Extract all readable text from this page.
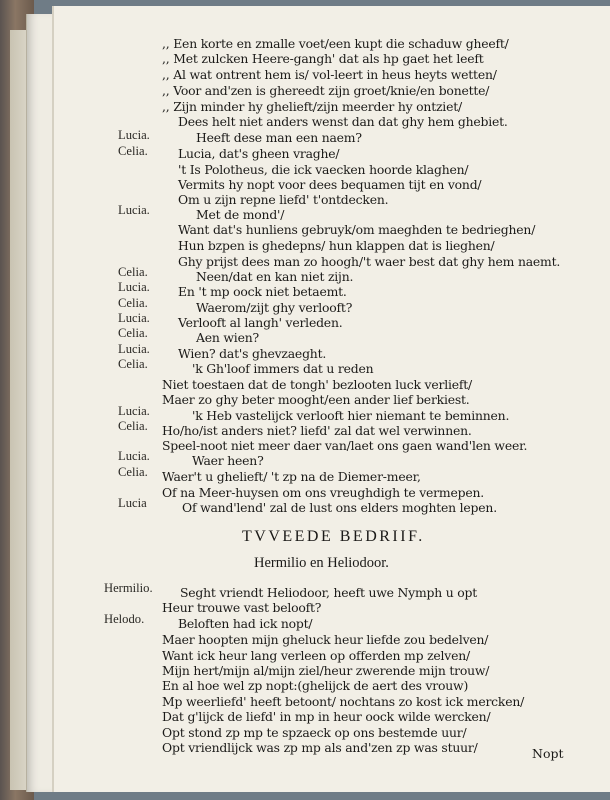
,, Een korte en zmalle voet/een kupt die schaduw gheeft/
,, Met zulcken Heere-gangh' dat als hp gaet het leeft
,, Al wat ontrent hem is/ vol-leert in heus heyts wetten/
,, Voor and'zen is ghereedt zijn groet/knie/en bonette/
,, Zijn minder hy ghelieft/zijn meerder hy ontziet/
Dees helt niet anders wenst dan dat ghy hem ghebiet.
Heeft dese man een naem?
Lucia, dat's gheen vraghe/
't Is Polotheus, die ick vaecken hoorde klaghen/
Vermits hy nopt voor dees bequamen tijt en vond/
Om u zijn repne liefd' t'ontdecken.
Met de mond'/
Want dat's hunliens gebruyk/om maeghden te bedrieghen/
Hun bzpen is ghedepns/ hun klappen dat is lieghen/
Ghy prijst dees man zo hoogh/'t waer best dat ghy hem naemt.
Neen/dat en kan niet zijn.
En 't mp oock niet betaemt.
Waerom/zijt ghy verlooft?
Verlooft al langh' verleden.
Aen wien?
Wien? dat's ghevzaeght.
'k Gh'loof immers dat u reden
Niet toestaen dat de tongh' bezlooten luck verlieft/
Maer zo ghy beter mooght/een ander lief berkiest.
'k Heb vastelijck verlooft hier niemant te beminnen.
Ho/ho/ist anders niet? liefd' zal dat wel verwinnen.
Speel-noot niet meer daer van/laet ons gaen wand'len weer.
Waer heen?
Waer't u ghelieft/ 't zp na de Diemer-meer,
Of na Meer-huysen om ons vreughdigh te vermepen.
Of wand'lend' zal de lust ons elders moghten lepen.
TVVEEDE BEDRIIF.
Hermilio en Heliodoor.
Seght vriendt Heliodoor, heeft uwe Nymph u opt
Heur trouwe vast belooft?
Beloften had ick nopt/
Maer hoopten mijn gheluck heur liefde zou bedelven/
Want ick heur lang verleen op offerden mp zelven/
Mijn hert/mijn al/mijn ziel/heur zwerende mijn trouw/
En al hoe wel zp nopt:(ghelijck de aert des vrouw)
Mp weerliefd' heeft betoont/ nochtans zo kost ick mercken/
Dat g'lijck de liefd' in mp in heur oock wilde wercken/
Opt stond zp mp te spzaeck op ons bestemde uur/
Opt vriendlijck was zp mp als and'zen zp was stuur/	Nopt
Lucia.
Celia.
Lucia.
Celia.
Lucia.
Celia.
Lucia.
Celia.
Lucia.
Celia.
Lucia.
Celia.
Lucia.
Celia.
Lucia
Hermilio.
Helodo.
